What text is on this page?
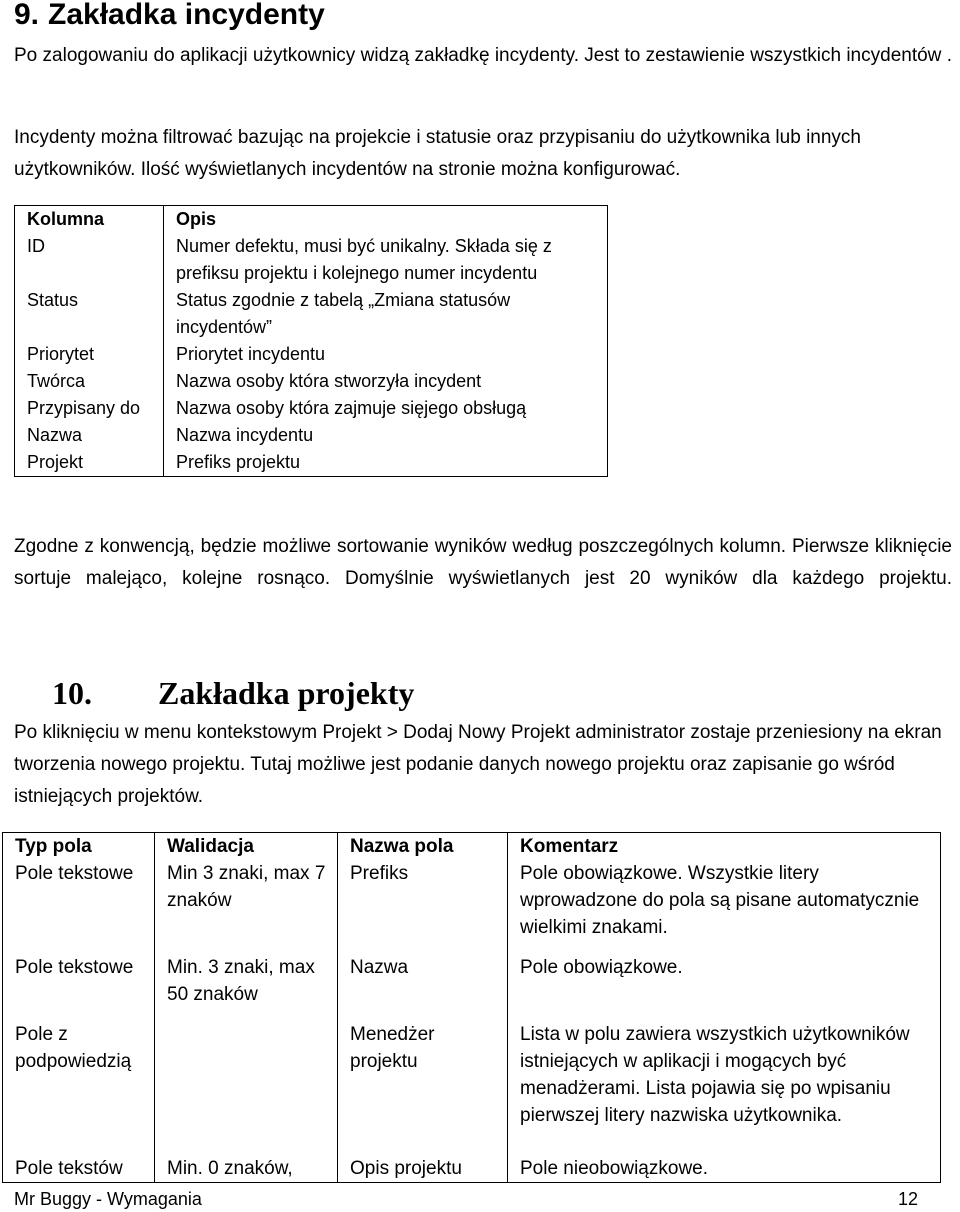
9. Zakładka incydenty
Po zalogowaniu do aplikacji użytkownicy widzą zakładkę incydenty. Jest to zestawienie wszystkich incydentów .
Incydenty można filtrować bazując na projekcie i statusie oraz przypisaniu do użytkownika lub innych użytkowników. Ilość wyświetlanych incydentów na stronie można konfigurować.
Kolumna	Opis
ID	Numer defektu, musi być unikalny. Składa się z prefiksu projektu i kolejnego numer incydentu
Status	Status zgodnie z tabelą „Zmiana statusów incydentów”
Priorytet	Priorytet incydentu
Twórca	Nazwa osoby która stworzyła incydent
Przypisany do	Nazwa osoby która zajmuje sięjego obsługą
Nazwa	Nazwa incydentu
Projekt	Prefiks projektu
Zgodne z konwencją, będzie możliwe sortowanie wyników według poszczególnych kolumn. Pierwsze kliknięcie sortuje malejąco, kolejne rosnąco. Domyślnie wyświetlanych jest 20 wyników dla każdego projektu.
10. Zakładka projekty
Po kliknięciu w menu kontekstowym Projekt > Dodaj Nowy Projekt administrator zostaje przeniesiony na ekran tworzenia nowego projektu. Tutaj możliwe jest podanie danych nowego projektu oraz zapisanie go wśród istniejących projektów.
Typ pola	Walidacja	Nazwa pola	Komentarz
Pole tekstowe	Min 3 znaki, max 7 znaków	Prefiks	Pole obowiązkowe. Wszystkie litery wprowadzone do pola są pisane automatycznie wielkimi znakami.
Pole tekstowe	Min. 3 znaki, max 50 znaków	Nazwa	Pole obowiązkowe.
Pole z podpowiedzią		Menedżer projektu	Lista w polu zawiera wszystkich użytkowników istniejących w aplikacji i mogących być menadżerami. Lista pojawia się po wpisaniu pierwszej litery nazwiska użytkownika.
Pole tekstów	Min. 0 znaków,	Opis projektu	Pole nieobowiązkowe.
Mr Buggy - Wymagania	12
